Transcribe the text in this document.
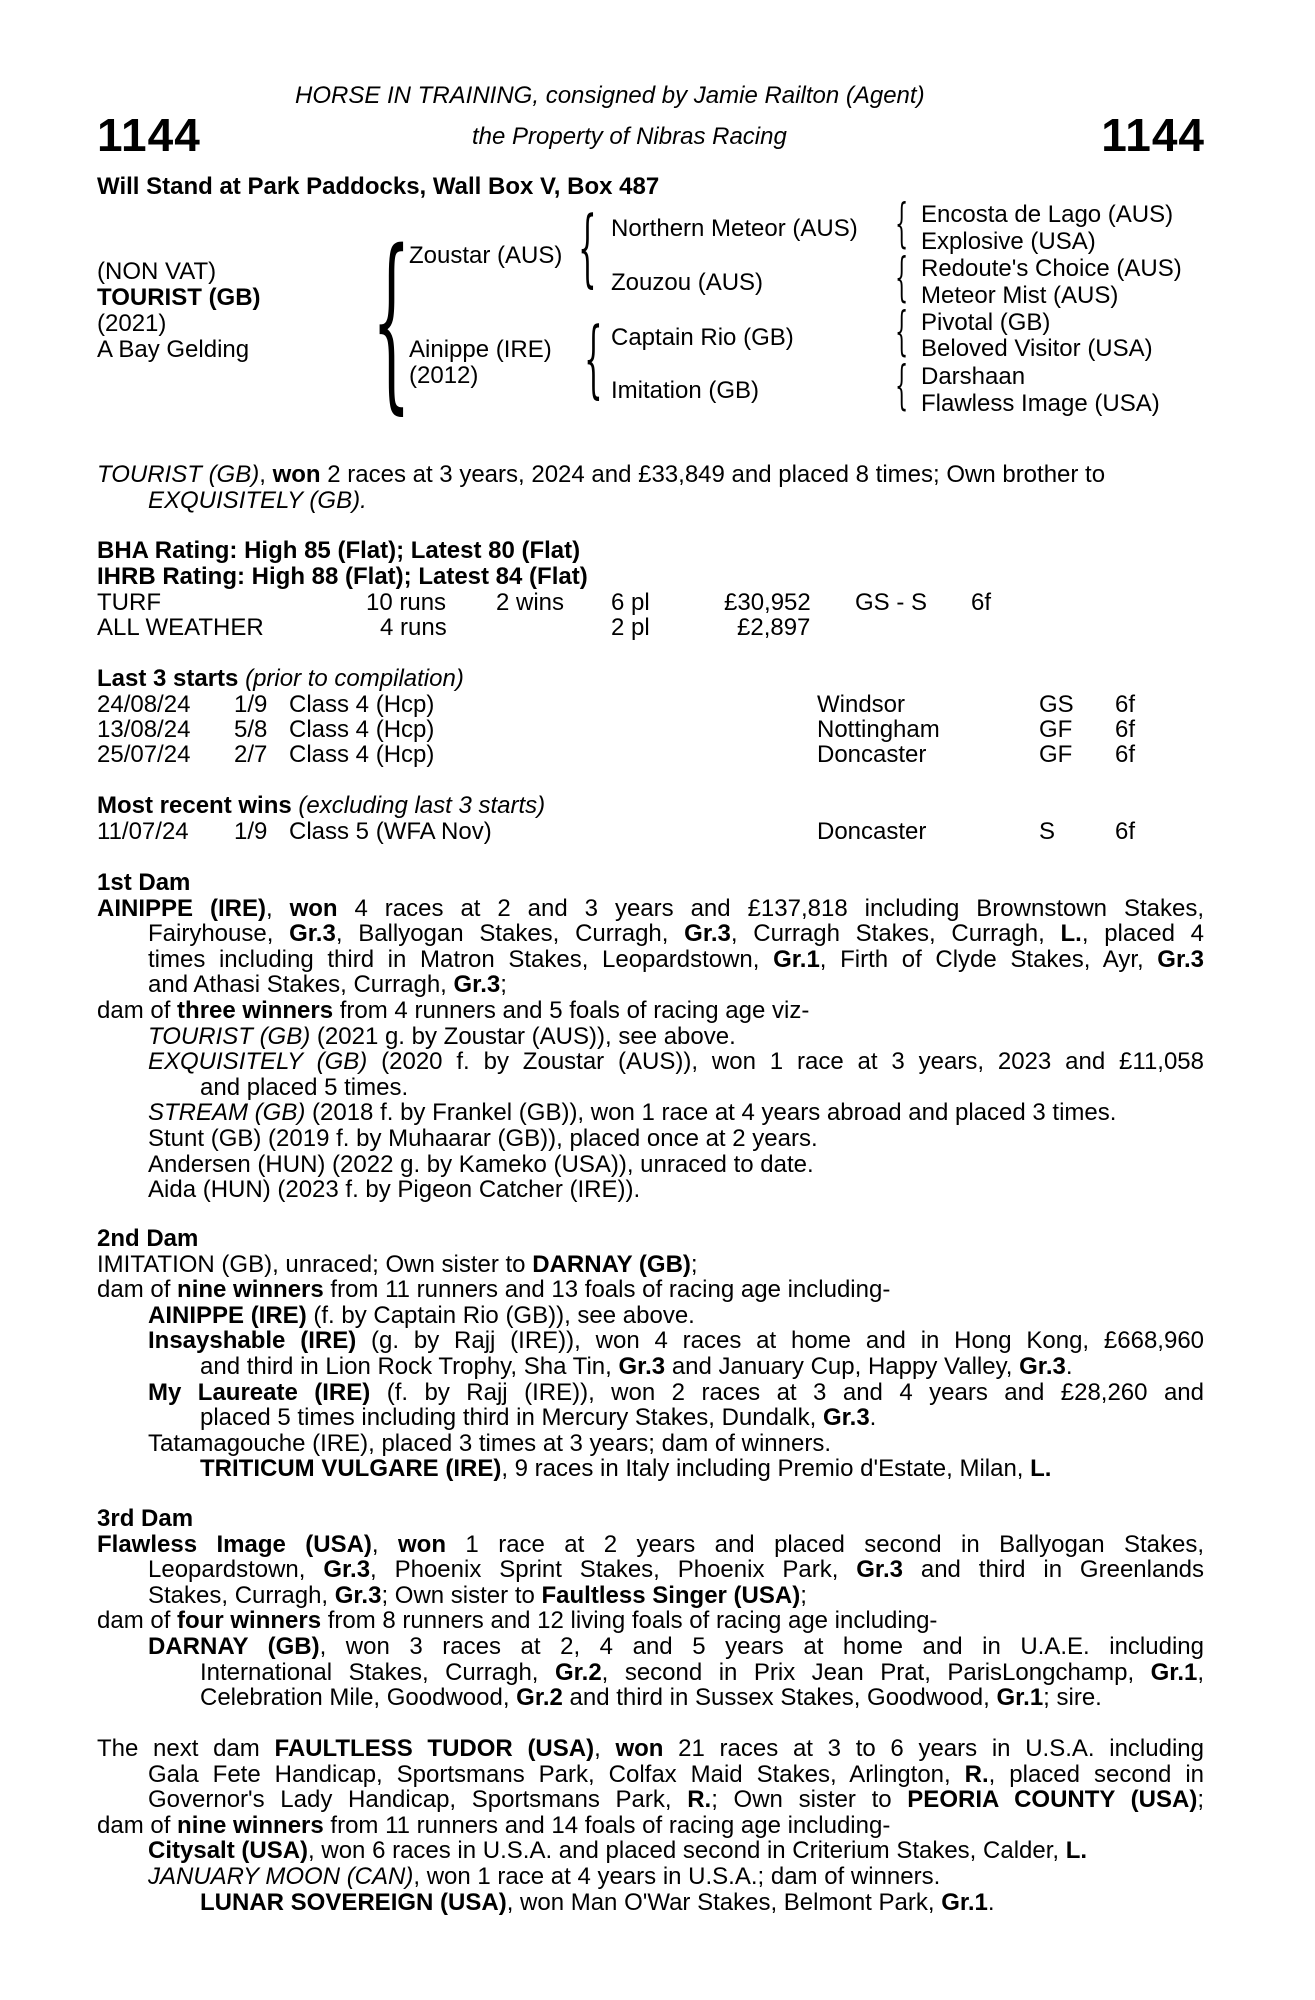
1144	1144
HORSE IN TRAINING, consigned by Jamie Railton (Agent)
the Property of Nibras Racing
Will Stand at Park Paddocks, Wall Box V, Box 487
(NON VAT)
TOURIST (GB)
(2021)
A Bay Gelding {
Zoustar (AUS)
Ainippe (IRE)
(2012)
{ Northern Meteor (AUS)
Zouzou (AUS)
{ Captain Rio (GB)
Imitation (GB)
{ Encosta de Lago (AUS)
Explosive (USA)
{ Redoute's Choice (AUS)
Meteor Mist (AUS)
{ Pivotal (GB)
Beloved Visitor (USA)
{ Darshaan
Flawless Image (USA)
TOURIST (GB), won 2 races at 3 years, 2024 and £33,849 and placed 8 times; Own brother to
EXQUISITELY (GB).
BHA Rating: High 85 (Flat); Latest 80 (Flat)
IHRB Rating: High 88 (Flat); Latest 84 (Flat)
TURF	10 runs 2 wins 6 pl	£30,952 GS - S 6f
ALL WEATHER	4 runs	2 pl	£2,897
Last 3 starts (prior to compilation)
24/08/24 1/9 Class 4 (Hcp)	Windsor	GS 6f
13/08/24 5/8 Class 4 (Hcp)	Nottingham	GF 6f
25/07/24 2/7 Class 4 (Hcp)	Doncaster	GF 6f
Most recent wins (excluding last 3 starts)
11/07/24 1/9 Class 5 (WFA Nov)	Doncaster	S 6f
1st Dam
AINIPPE (IRE), won 4 races at 2 and 3 years and £137,818 including Brownstown Stakes,
Fairyhouse, Gr.3, Ballyogan Stakes, Curragh, Gr.3, Curragh Stakes, Curragh, L., placed 4
times including third in Matron Stakes, Leopardstown, Gr.1, Firth of Clyde Stakes, Ayr, Gr.3
and Athasi Stakes, Curragh, Gr.3;
dam of three winners from 4 runners and 5 foals of racing age viz-
TOURIST (GB) (2021 g. by Zoustar (AUS)), see above.
EXQUISITELY (GB) (2020 f. by Zoustar (AUS)), won 1 race at 3 years, 2023 and £11,058
and placed 5 times.
STREAM (GB) (2018 f. by Frankel (GB)), won 1 race at 4 years abroad and placed 3 times.
Stunt (GB) (2019 f. by Muhaarar (GB)), placed once at 2 years.
Andersen (HUN) (2022 g. by Kameko (USA)), unraced to date.
Aida (HUN) (2023 f. by Pigeon Catcher (IRE)).
2nd Dam
IMITATION (GB), unraced; Own sister to DARNAY (GB);
dam of nine winners from 11 runners and 13 foals of racing age including-
AINIPPE (IRE) (f. by Captain Rio (GB)), see above.
Insayshable (IRE) (g. by Rajj (IRE)), won 4 races at home and in Hong Kong, £668,960
and third in Lion Rock Trophy, Sha Tin, Gr.3 and January Cup, Happy Valley, Gr.3.
My Laureate (IRE) (f. by Rajj (IRE)), won 2 races at 3 and 4 years and £28,260 and
placed 5 times including third in Mercury Stakes, Dundalk, Gr.3.
Tatamagouche (IRE), placed 3 times at 3 years; dam of winners.
TRITICUM VULGARE (IRE), 9 races in Italy including Premio d'Estate, Milan, L.
3rd Dam
Flawless Image (USA), won 1 race at 2 years and placed second in Ballyogan Stakes,
Leopardstown, Gr.3, Phoenix Sprint Stakes, Phoenix Park, Gr.3 and third in Greenlands
Stakes, Curragh, Gr.3; Own sister to Faultless Singer (USA);
dam of four winners from 8 runners and 12 living foals of racing age including-
DARNAY (GB), won 3 races at 2, 4 and 5 years at home and in U.A.E. including
International Stakes, Curragh, Gr.2, second in Prix Jean Prat, ParisLongchamp, Gr.1,
Celebration Mile, Goodwood, Gr.2 and third in Sussex Stakes, Goodwood, Gr.1; sire.
The next dam FAULTLESS TUDOR (USA), won 21 races at 3 to 6 years in U.S.A. including
Gala Fete Handicap, Sportsmans Park, Colfax Maid Stakes, Arlington, R., placed second in
Governor's Lady Handicap, Sportsmans Park, R.; Own sister to PEORIA COUNTY (USA);
dam of nine winners from 11 runners and 14 foals of racing age including-
Citysalt (USA), won 6 races in U.S.A. and placed second in Criterium Stakes, Calder, L.
JANUARY MOON (CAN), won 1 race at 4 years in U.S.A.; dam of winners.
LUNAR SOVEREIGN (USA), won Man O'War Stakes, Belmont Park, Gr.1.
